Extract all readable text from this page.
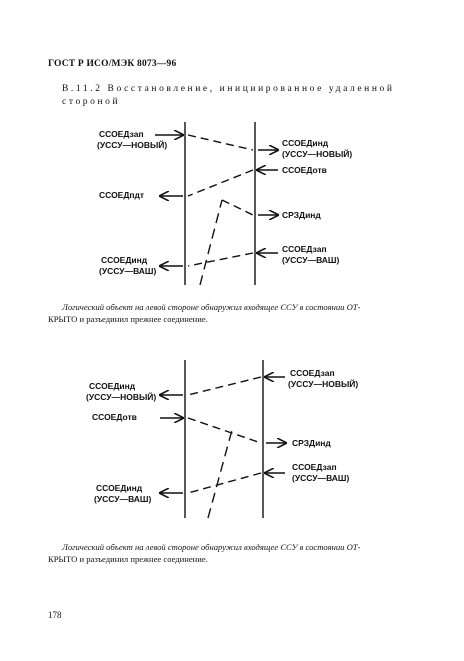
ГОСТ Р ИСО/МЭК 8073—96
B.11.2 Восстановление, инициированное удаленной стороной
ССОЕДзап
(УССУ—НОВЫЙ)	ССОЕДинд
(УССУ—НОВЫЙ)
ССОЕДотв
ССОЕДпдт
СРЗДинд
ССОЕДзап
(УССУ—ВАШ)
ССОЕДинд
(УССУ—ВАШ)
ССОЕДзап
(УССУ—НОВЫЙ)
ССОЕДинд
(УССУ—НОВЫЙ)
ССОЕДотв
СРЗДинд
ССОЕДзап
(УССУ—ВАШ)
ССОЕДинд
(УССУ—ВАШ)
Логический объект на левой стороне обнаружил входящее ССУ в состоянии ОТ-
КРЫТО и разъединил прежнее соединение.
Логический объект на левой стороне обнаружил входящее ССУ в состоянии ОТ-
КРЫТО и разъединил прежнее соединение.
178
